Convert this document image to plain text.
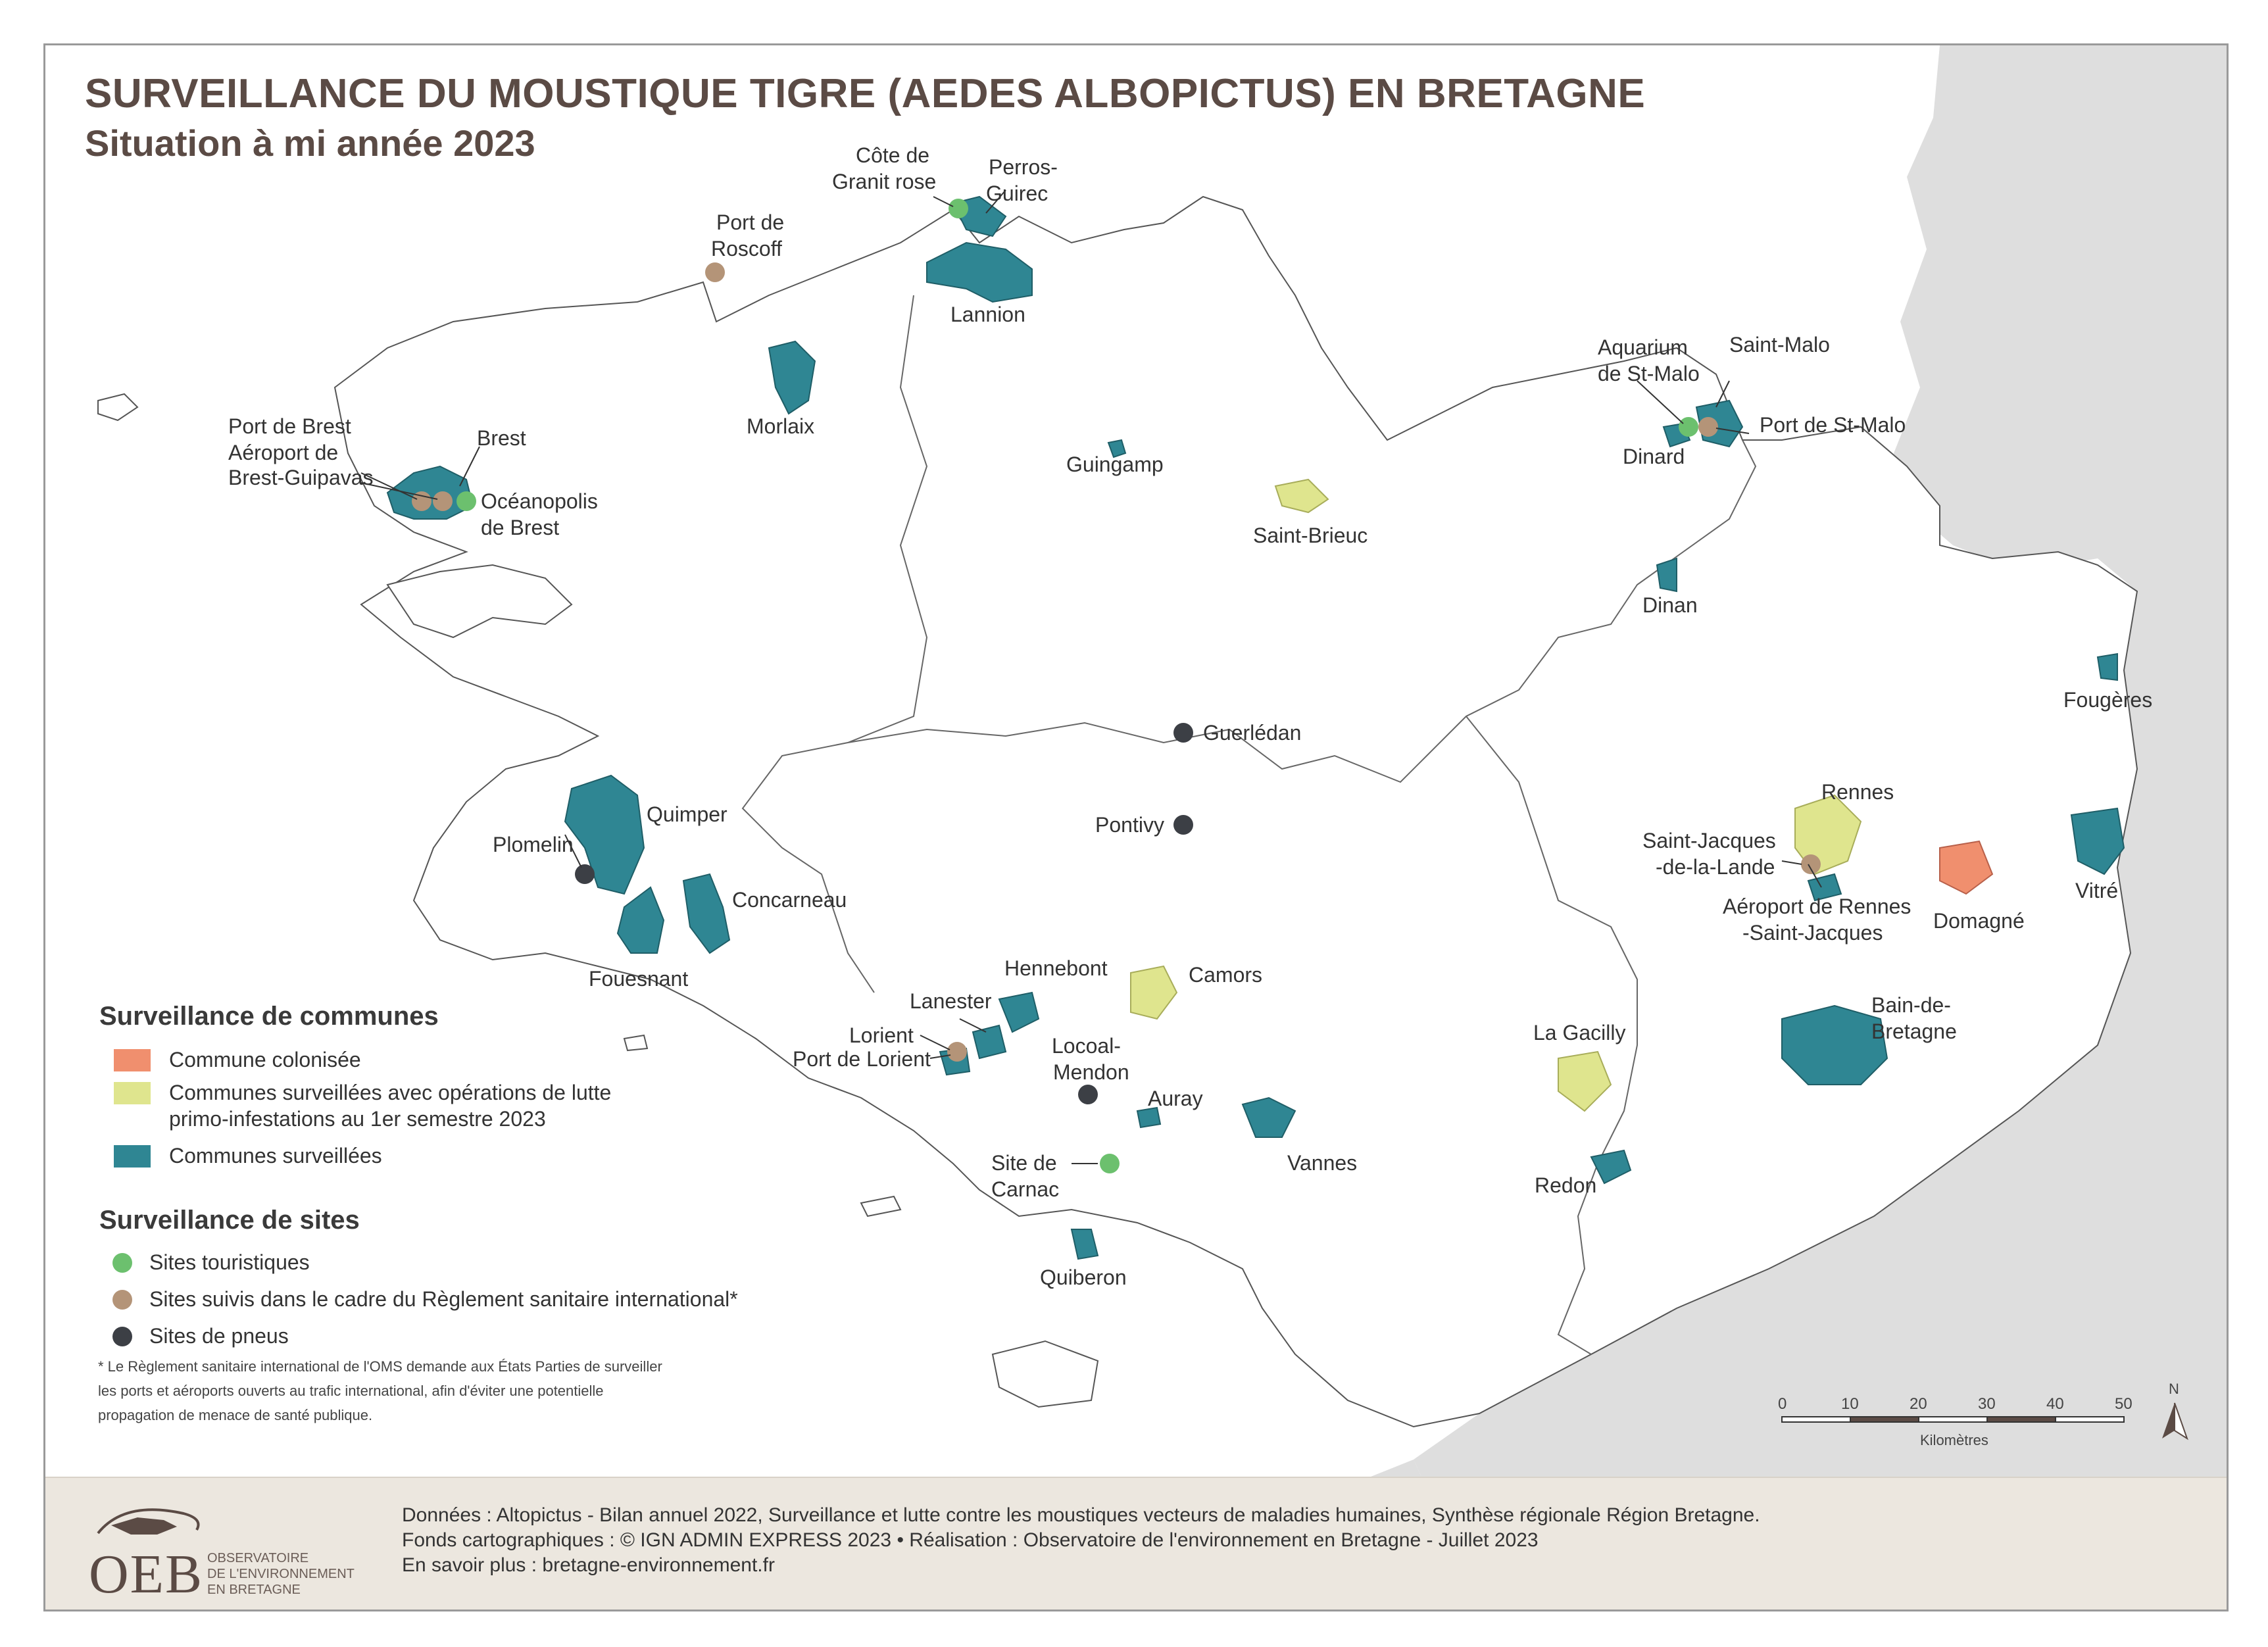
Côte de
Granit rose
Perros-
Guirec
Port de
Roscoff
Lannion
Morlaix
Port de Brest
Aéroport de
Brest-Guipavas
Brest
Océanopolis
de Brest
Guingamp
Saint-Brieuc
Aquarium
de St-Malo
Saint-Malo
Port de St-Malo
Dinard
Dinan
Fougères
Guerlédan
Pontivy
Quimper
Plomelin
Concarneau
Fouesnant
Rennes
Saint-Jacques
-de-la-Lande
Aéroport de Rennes
-Saint-Jacques Domagné
Vitré
Hennebont
Lanester
Camors
Lorient
Port de Lorient
Locoal-
Mendon
Auray
Vannes
Site de
Carnac
Quiberon
Bain-de-
Bretagne
La Gacilly
Redon
SURVEILLANCE DU MOUSTIQUE TIGRE (AEDES ALBOPICTUS) EN BRETAGNE
Situation à mi année 2023
Surveillance de communes
Commune colonisée
Communes surveillées avec opérations de lutte
primo-infestations au 1er semestre 2023
Communes surveillées
Surveillance de sites
Sites touristiques
Sites suivis dans le cadre du Règlement sanitaire international*
Sites de pneus
* Le Règlement sanitaire international de l'OMS demande aux États Parties de surveiller
les ports et aéroports ouverts au trafic international, afin d'éviter une potentielle
propagation de menace de santé publique.
0	10	20	30	40	50
Kilomètres
N
OEB OBSERVATOIRE
DE L'ENVIRONNEMENT
EN BRETAGNE
Données : Altopictus - Bilan annuel 2022, Surveillance et lutte contre les moustiques vecteurs de maladies humaines, Synthèse régionale Région Bretagne.
Fonds cartographiques : © IGN ADMIN EXPRESS 2023 • Réalisation : Observatoire de l'environnement en Bretagne - Juillet 2023
En savoir plus : bretagne-environnement.fr
